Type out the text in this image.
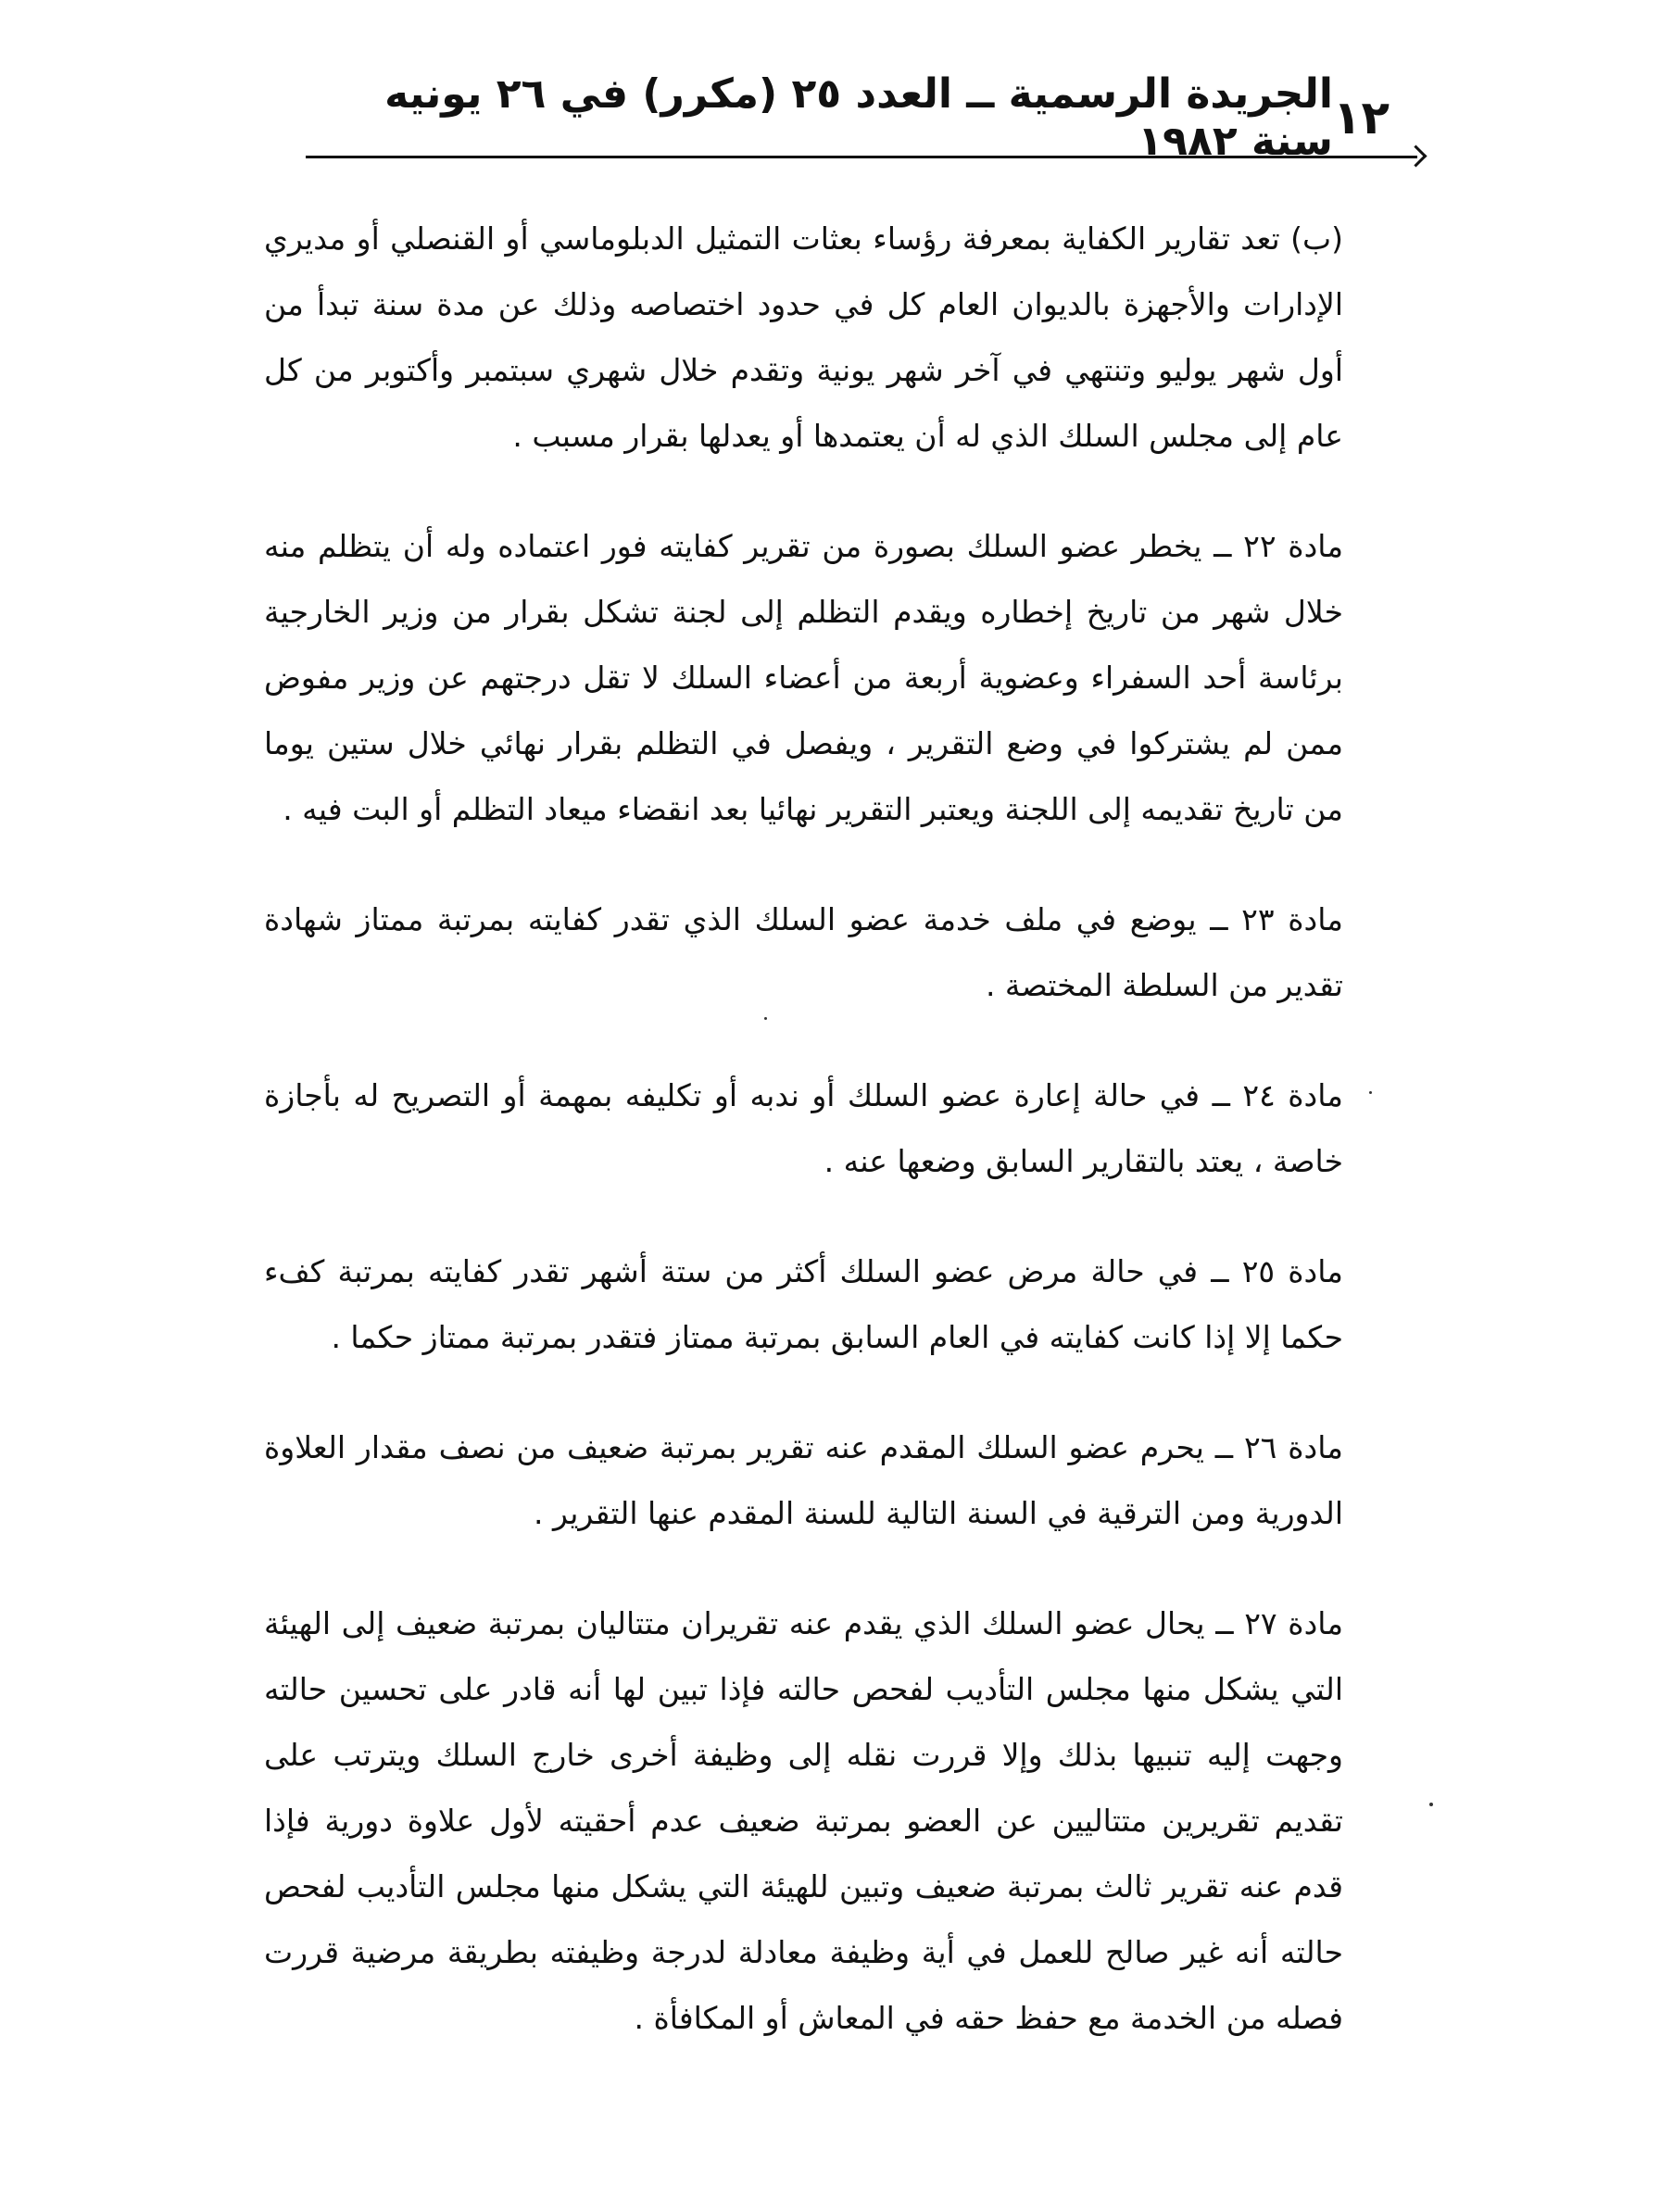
١٢
الجريدة الرسمية ــ العدد ٢٥ (مكرر) في ٢٦ يونيه سنة ١٩٨٢

(ب) تعد تقارير الكفاية بمعرفة رؤساء بعثات التمثيل الدبلوماسي أو القنصلي أو مديري الإدارات والأجهزة بالديوان العام كل في حدود اختصاصه وذلك عن مدة سنة تبدأ من أول شهر يوليو وتنتهي في آخر شهر يونية وتقدم خلال شهري سبتمبر وأكتوبر من كل عام إلى مجلس السلك الذي له أن يعتمدها أو يعدلها بقرار مسبب .

مادة ٢٢ ــ يخطر عضو السلك بصورة من تقرير كفايته فور اعتماده وله أن يتظلم منه خلال شهر من تاريخ إخطاره ويقدم التظلم إلى لجنة تشكل بقرار من وزير الخارجية برئاسة أحد السفراء وعضوية أربعة من أعضاء السلك لا تقل درجتهم عن وزير مفوض ممن لم يشتركوا في وضع التقرير ، ويفصل في التظلم بقرار نهائي خلال ستين يوما من تاريخ تقديمه إلى اللجنة ويعتبر التقرير نهائيا بعد انقضاء ميعاد التظلم أو البت فيه .

مادة ٢٣ ــ يوضع في ملف خدمة عضو السلك الذي تقدر كفايته بمرتبة ممتاز شهادة تقدير من السلطة المختصة .

مادة ٢٤ ــ في حالة إعارة عضو السلك أو ندبه أو تكليفه بمهمة أو التصريح له بأجازة خاصة ، يعتد بالتقارير السابق وضعها عنه .

مادة ٢٥ ــ في حالة مرض عضو السلك أكثر من ستة أشهر تقدر كفايته بمرتبة كفء حكما إلا إذا كانت كفايته في العام السابق بمرتبة ممتاز فتقدر بمرتبة ممتاز حكما .

مادة ٢٦ ــ يحرم عضو السلك المقدم عنه تقرير بمرتبة ضعيف من نصف مقدار العلاوة الدورية ومن الترقية في السنة التالية للسنة المقدم عنها التقرير .

مادة ٢٧ ــ يحال عضو السلك الذي يقدم عنه تقريران متتاليان بمرتبة ضعيف إلى الهيئة التي يشكل منها مجلس التأديب لفحص حالته فإذا تبين لها أنه قادر على تحسين حالته وجهت إليه تنبيها بذلك وإلا قررت نقله إلى وظيفة أخرى خارج السلك ويترتب على تقديم تقريرين متتاليين عن العضو بمرتبة ضعيف عدم أحقيته لأول علاوة دورية فإذا قدم عنه تقرير ثالث بمرتبة ضعيف وتبين للهيئة التي يشكل منها مجلس التأديب لفحص حالته أنه غير صالح للعمل في أية وظيفة معادلة لدرجة وظيفته بطريقة مرضية قررت فصله من الخدمة مع حفظ حقه في المعاش أو المكافأة .
